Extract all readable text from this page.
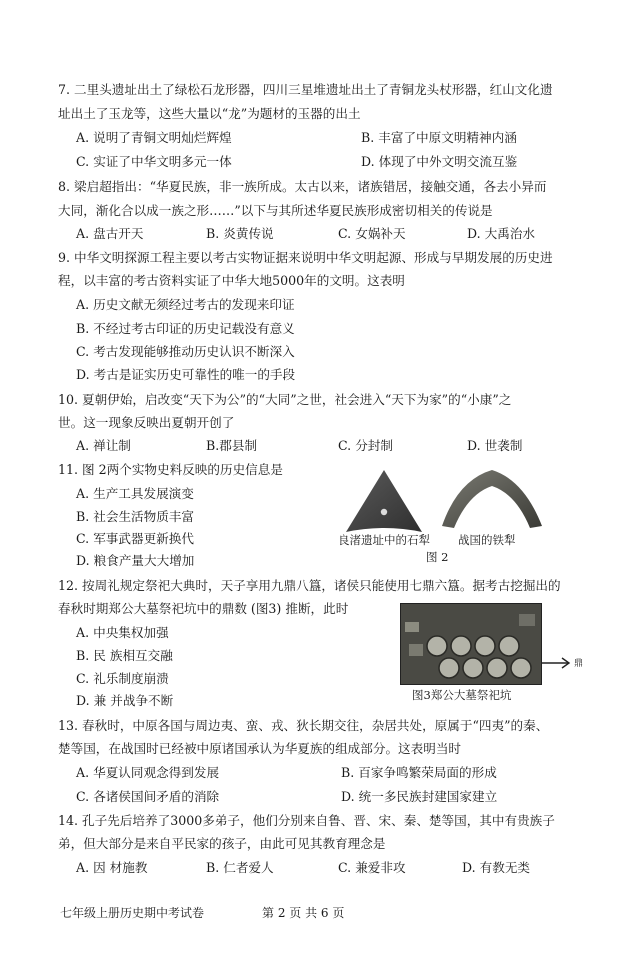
7. 二里头遗址出土了绿松石龙形器，四川三星堆遗址出土了青铜龙头杖形器，红山文化遗
址出土了玉龙等，这些大量以“龙”为题材的玉器的出土
A. 说明了青铜文明灿烂辉煌	B. 丰富了中原文明精神内涵
C. 实证了中华文明多元一体	D. 体现了中外文明交流互鉴
8. 梁启超指出：“华夏民族，非一族所成。太古以来，诸族错居，接触交通，各去小异而
大同，渐化合以成一族之形……”以下与其所述华夏民族形成密切相关的传说是
A. 盘古开天	B. 炎黄传说	C. 女娲补天	D. 大禹治水
9. 中华文明探源工程主要以考古实物证据来说明中华文明起源、形成与早期发展的历史进
程，以丰富的考古资料实证了中华大地5000年的文明。这表明
A. 历史文献无须经过考古的发现来印证
B. 不经过考古印证的历史记载没有意义
C. 考古发现能够推动历史认识不断深入
D. 考古是证实历史可靠性的唯一的手段
10. 夏朝伊始，启改变“天下为公”的“大同”之世，社会进入“天下为家”的“小康”之
世。这一现象反映出夏朝开创了
A. 禅让制	B.郡县制	C. 分封制	D. 世袭制
11. 图 2两个实物史料反映的历史信息是
A. 生产工具发展演变
B. 社会生活物质丰富
C. 军事武器更新换代
D. 粮食产量大大增加
良渚遗址中的石犁 战国的铁犁
图 2
12. 按周礼规定祭祀大典时，天子享用九鼎八簋，诸侯只能使用七鼎六簋。据考古挖掘出的
春秋时期郑公大墓祭祀坑中的鼎数 (图3) 推断，此时
A. 中央集权加强
B. 民 族相互交融
C. 礼乐制度崩溃
D. 兼 并战争不断
鼎
图3郑公大墓祭祀坑
13. 春秋时，中原各国与周边夷、蛮、戎、狄长期交往，杂居共处，原属于“四夷”的秦、
楚等国，在战国时已经被中原诸国承认为华夏族的组成部分。这表明当时
A. 华夏认同观念得到发展	B. 百家争鸣繁荣局面的形成
C. 各诸侯国间矛盾的消除	D. 统一多民族封建国家建立
14. 孔子先后培养了3000多弟子，他们分别来自鲁、晋、宋、秦、楚等国，其中有贵族子
弟，但大部分是来自平民家的孩子，由此可见其教育理念是
A. 因 材施教	B. 仁者爱人	C. 兼爱非攻	D. 有教无类
七年级上册历史期中考试卷	第 2 页 共 6 页
